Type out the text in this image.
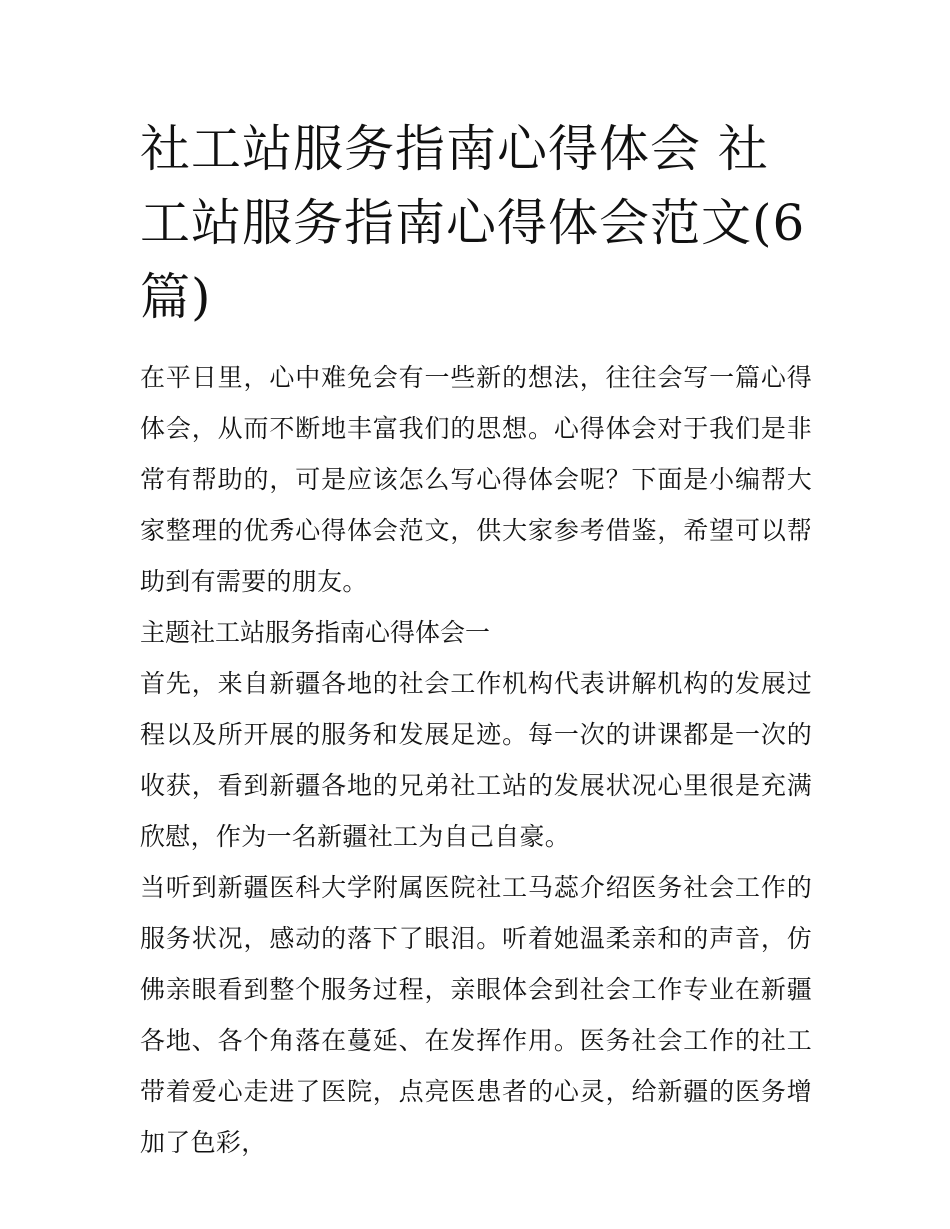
社工站服务指南心得体会 社工站服务指南心得体会范文(6篇)

在平日里，心中难免会有一些新的想法，往往会写一篇心得体会，从而不断地丰富我们的思想。心得体会对于我们是非常有帮助的，可是应该怎么写心得体会呢？下面是小编帮大家整理的优秀心得体会范文，供大家参考借鉴，希望可以帮助到有需要的朋友。

主题社工站服务指南心得体会一

首先，来自新疆各地的社会工作机构代表讲解机构的发展过程以及所开展的服务和发展足迹。每一次的讲课都是一次的收获，看到新疆各地的兄弟社工站的发展状况心里很是充满欣慰，作为一名新疆社工为自己自豪。

当听到新疆医科大学附属医院社工马蕊介绍医务社会工作的服务状况，感动的落下了眼泪。听着她温柔亲和的声音，仿佛亲眼看到整个服务过程，亲眼体会到社会工作专业在新疆各地、各个角落在蔓延、在发挥作用。医务社会工作的社工带着爱心走进了医院，点亮医患者的心灵，给新疆的医务增加了色彩，
